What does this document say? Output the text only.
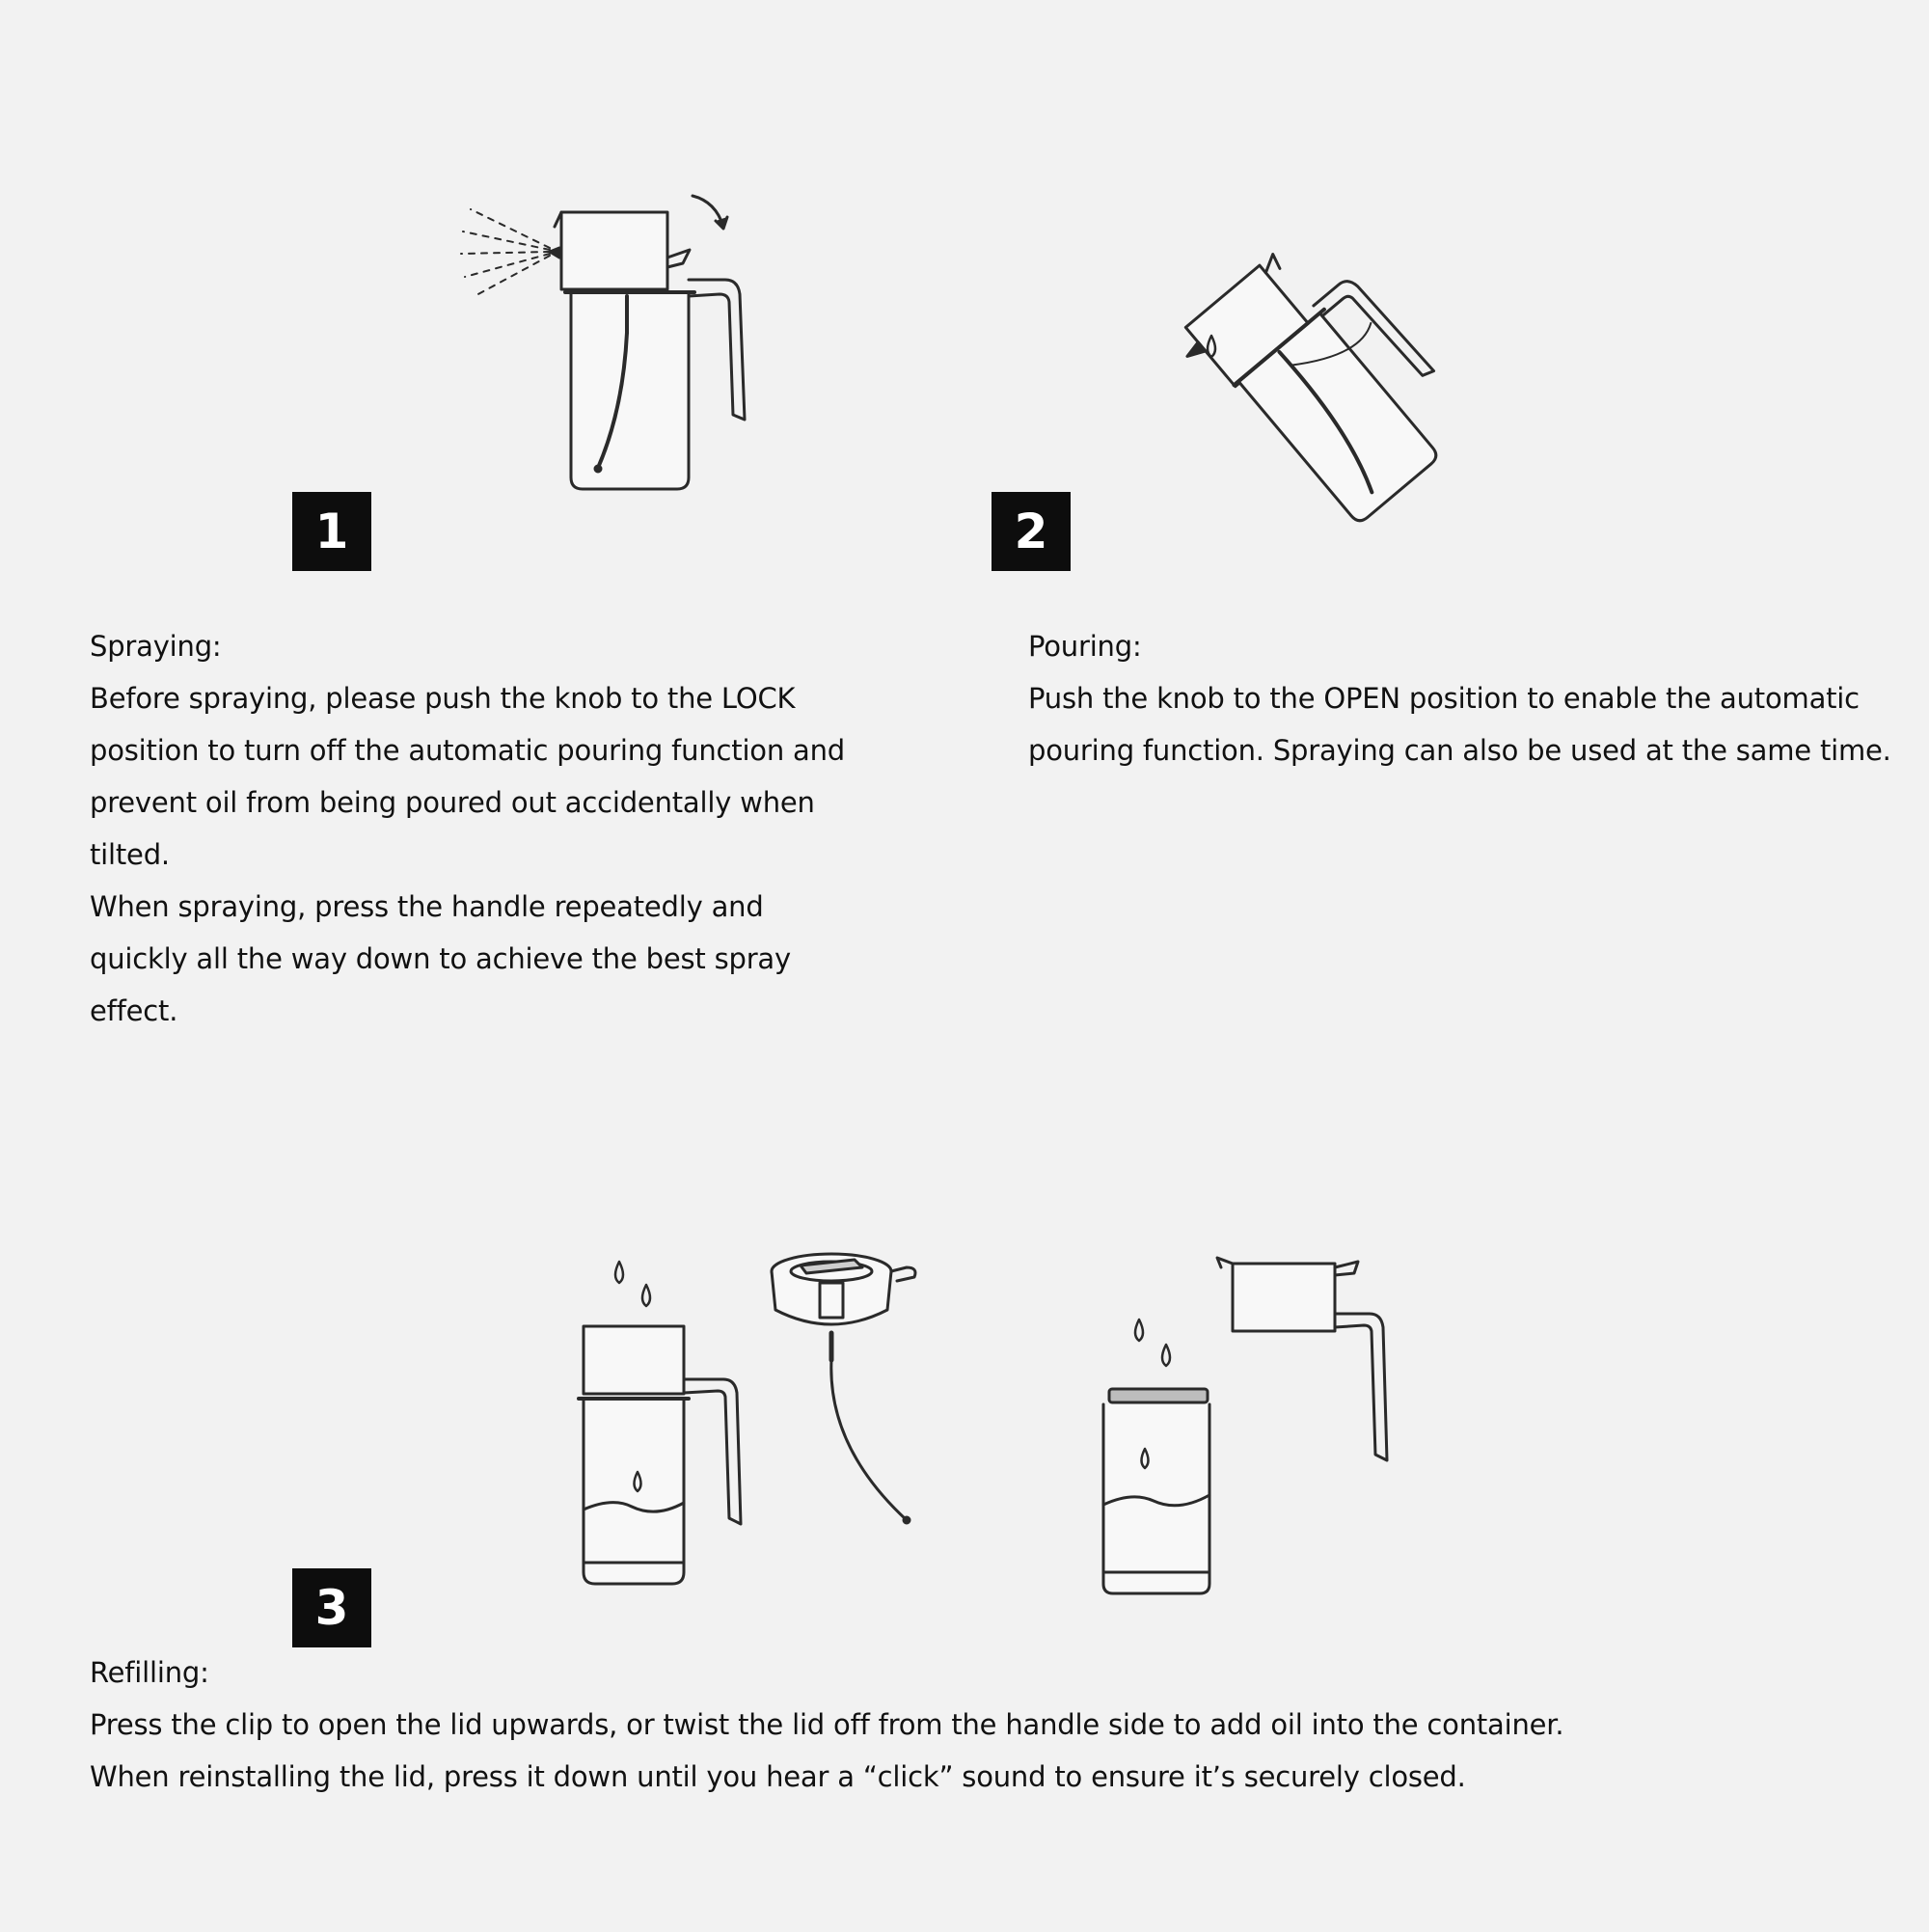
1

Spraying:

Before spraying, please push the knob to the LOCK position to turn off the automatic pouring function and prevent oil from being poured out accidentally when tilted.

When spraying, press the handle repeatedly and quickly all the way down to achieve the best spray effect.

2

Pouring:

Push the knob to the OPEN position to enable the automatic pouring function. Spraying can also be used at the same time.

3

Refilling:

Press the clip to open the lid upwards, or twist the lid off from the handle side to add oil into the container.

When reinstalling the lid, press it down until you hear a “click” sound to ensure it’s securely closed.
